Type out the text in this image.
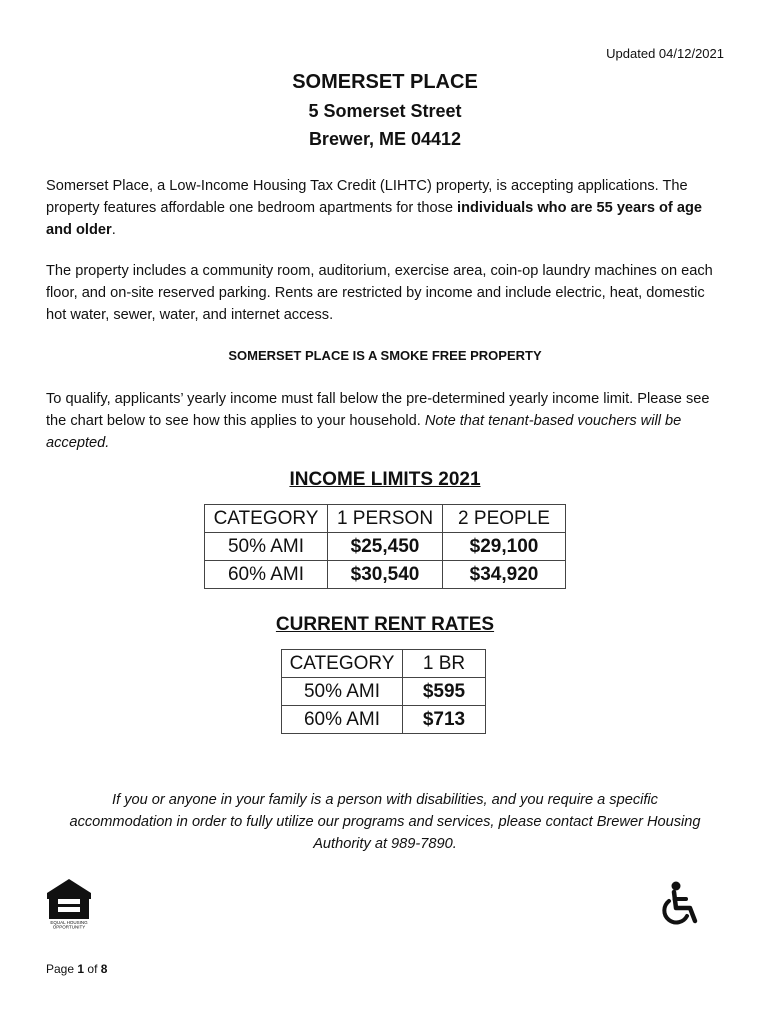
Updated 04/12/2021
SOMERSET PLACE
5 Somerset Street
Brewer, ME 04412
Somerset Place, a Low-Income Housing Tax Credit (LIHTC) property, is accepting applications. The property features affordable one bedroom apartments for those individuals who are 55 years of age and older.
The property includes a community room, auditorium, exercise area, coin-op laundry machines on each floor, and on-site reserved parking. Rents are restricted by income and include electric, heat, domestic hot water, sewer, water, and internet access.
SOMERSET PLACE IS A SMOKE FREE PROPERTY
To qualify, applicants’ yearly income must fall below the pre-determined yearly income limit. Please see the chart below to see how this applies to your household. Note that tenant-based vouchers will be accepted.
INCOME LIMITS 2021
CATEGORY	1 PERSON	2 PEOPLE
50% AMI	$25,450	$29,100
60% AMI	$30,540	$34,920
CURRENT RENT RATES
CATEGORY	1 BR
50% AMI	$595
60% AMI	$713
If you or anyone in your family is a person with disabilities, and you require a specific accommodation in order to fully utilize our programs and services, please contact Brewer Housing Authority at 989-7890.
EQUAL HOUSING
OPPORTUNITY
Page 1 of 8
